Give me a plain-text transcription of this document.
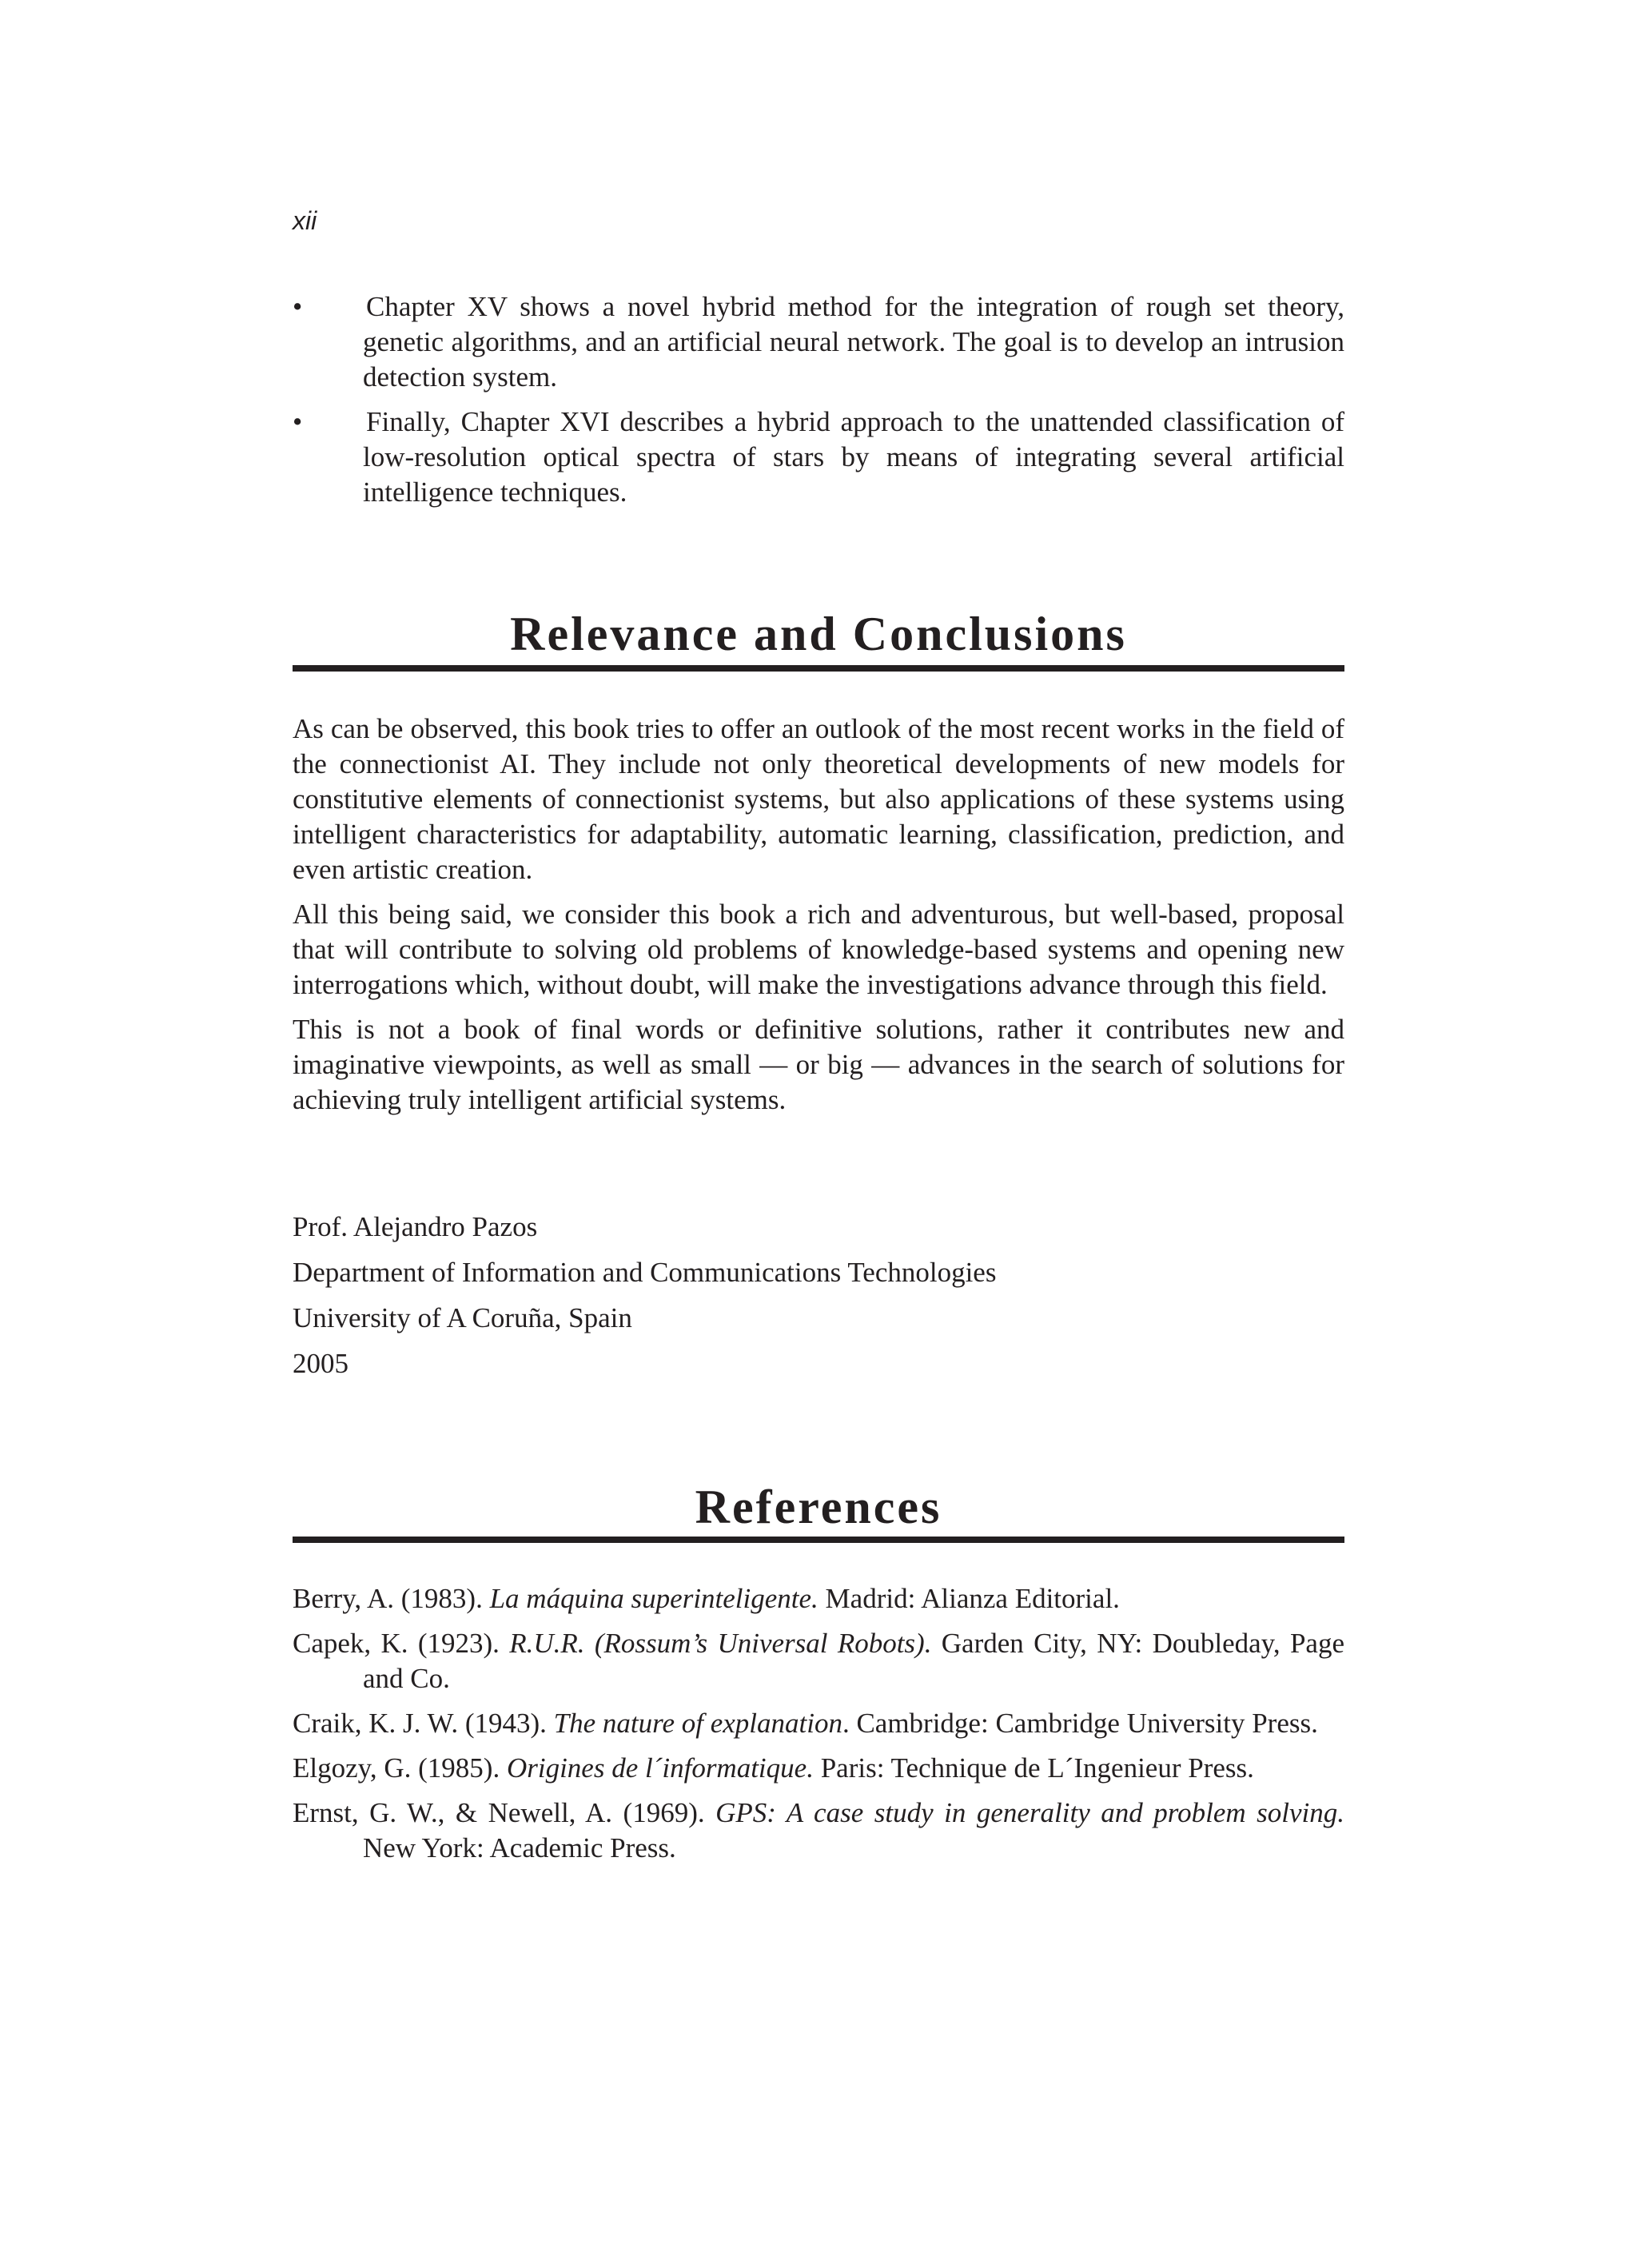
xii
• Chapter XV shows a novel hybrid method for the integration of rough set theory, genetic algorithms, and an artificial neural network. The goal is to develop an intrusion detection system.

• Finally, Chapter XVI describes a hybrid approach to the unattended classification of low-resolution optical spectra of stars by means of integrating several artificial intelligence techniques.

Relevance and Conclusions

As can be observed, this book tries to offer an outlook of the most recent works in the field of the connectionist AI. They include not only theoretical developments of new models for constitutive elements of connectionist systems, but also applications of these systems using intelligent characteristics for adaptability, automatic learning, classification, prediction, and even artistic creation.

All this being said, we consider this book a rich and adventurous, but well-based, proposal that will contribute to solving old problems of knowledge-based systems and opening new interrogations which, without doubt, will make the investigations advance through this field.

This is not a book of final words or definitive solutions, rather it contributes new and imaginative viewpoints, as well as small — or big — advances in the search of solutions for achieving truly intelligent artificial systems.

Prof. Alejandro Pazos
Department of Information and Communications Technologies
University of A Coruña, Spain
2005
References
Berry, A. (1983). La máquina superinteligente. Madrid: Alianza Editorial.
Capek, K. (1923). R.U.R. (Rossum’s Universal Robots). Garden City, NY: Doubleday, Page and Co.
Craik, K. J. W. (1943). The nature of explanation. Cambridge: Cambridge University Press.
Elgozy, G. (1985). Origines de l´informatique. Paris: Technique de L´Ingenieur Press.
Ernst, G. W., & Newell, A. (1969). GPS: A case study in generality and problem solving. New York: Academic Press.
